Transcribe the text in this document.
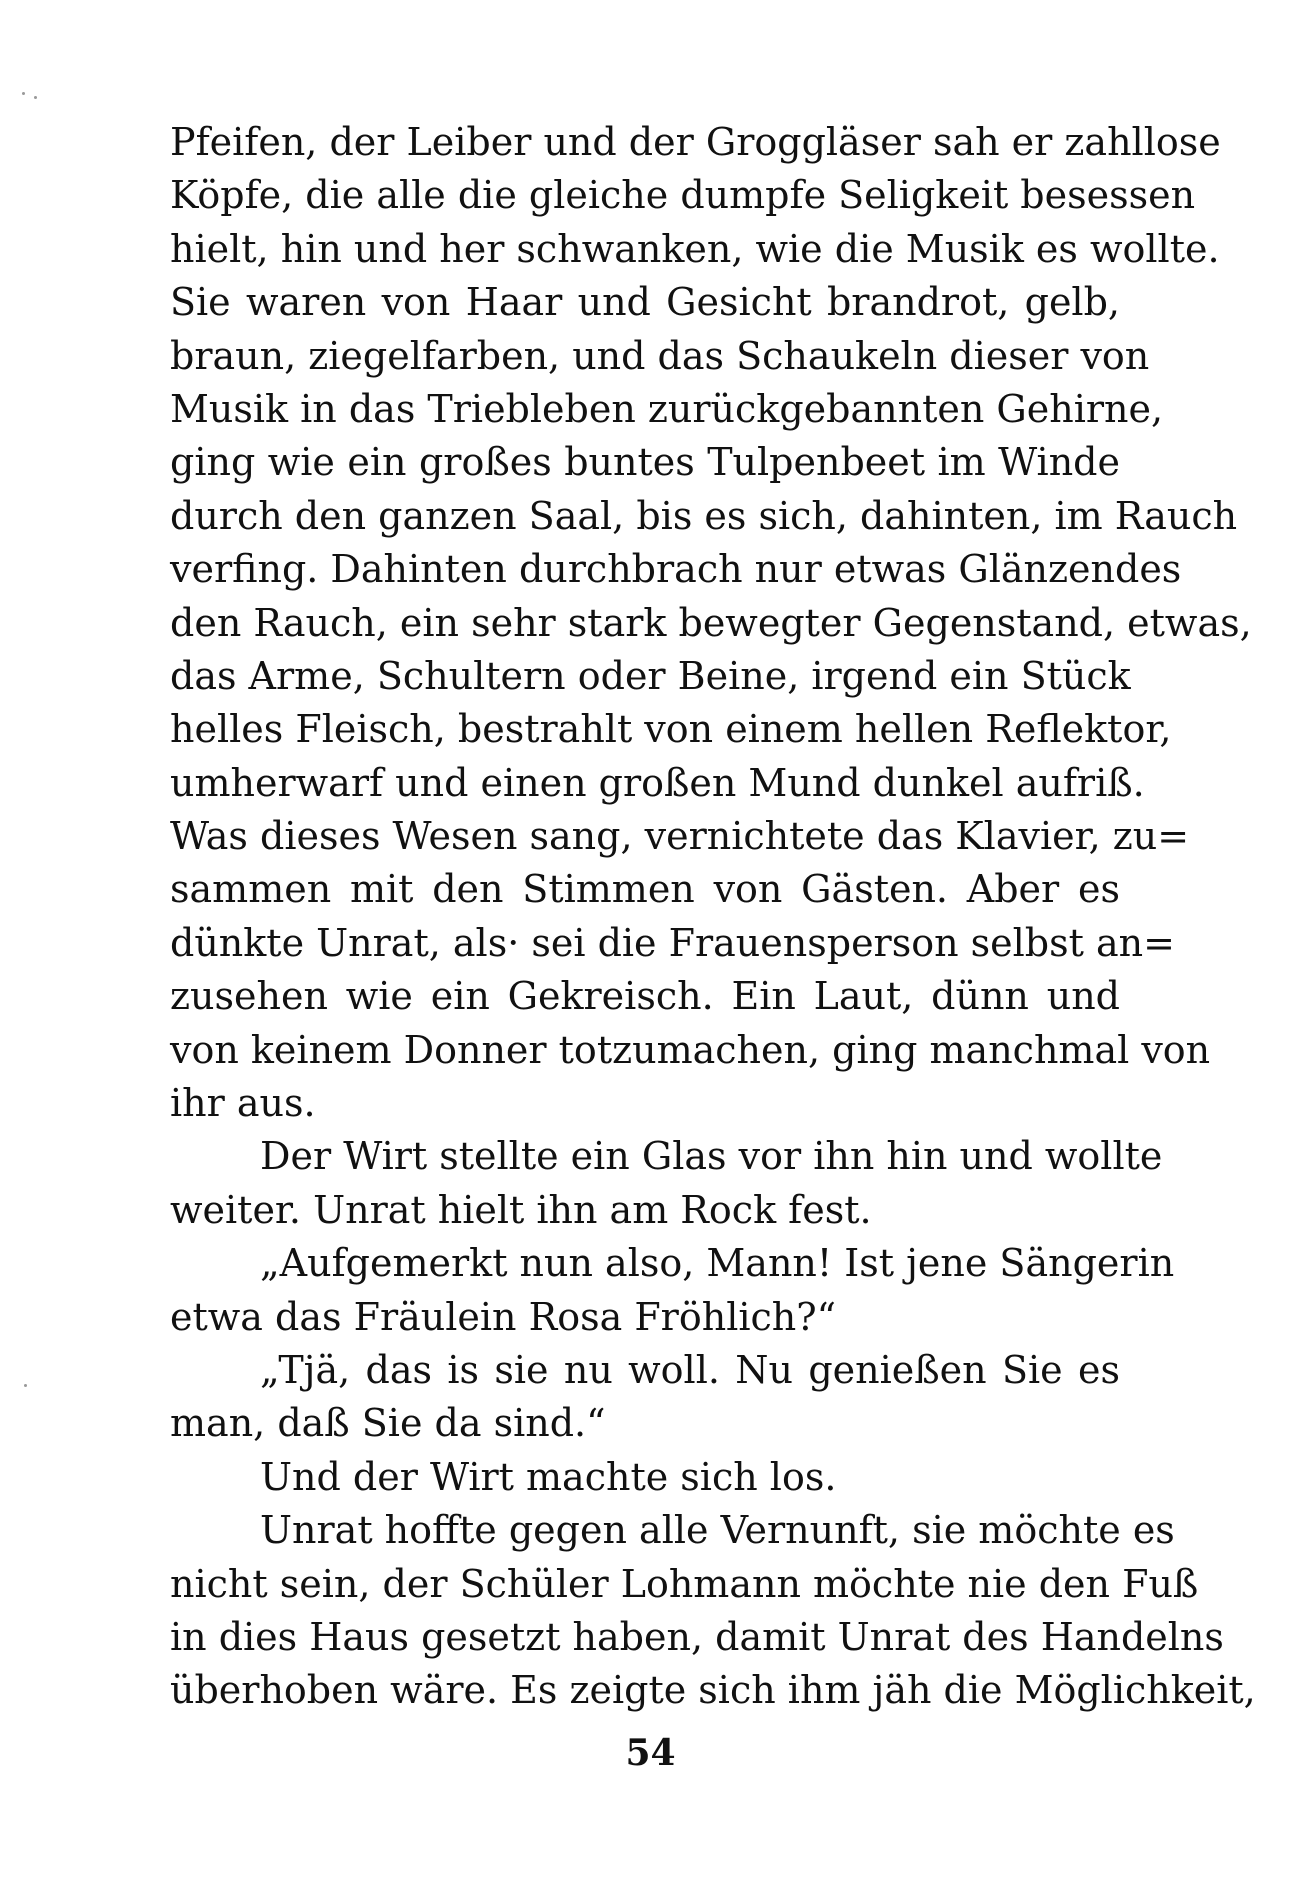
Pfeifen, der Leiber und der Groggläser sah er zahllose
Köpfe, die alle die gleiche dumpfe Seligkeit besessen
hielt, hin und her schwanken, wie die Musik es wollte.
Sie waren von Haar und Gesicht brandrot, gelb,
braun, ziegelfarben, und das Schaukeln dieser von
Musik in das Triebleben zurückgebannten Gehirne,
ging wie ein großes buntes Tulpenbeet im Winde
durch den ganzen Saal, bis es sich, dahinten, im Rauch
verfing. Dahinten durchbrach nur etwas Glänzendes
den Rauch, ein sehr stark bewegter Gegenstand, etwas,
das Arme, Schultern oder Beine, irgend ein Stück
helles Fleisch, bestrahlt von einem hellen Reflektor,
umherwarf und einen großen Mund dunkel aufriß.
Was dieses Wesen sang, vernichtete das Klavier, zu=
sammen mit den Stimmen von Gästen. Aber es
dünkte Unrat, als· sei die Frauensperson selbst an=
zusehen wie ein Gekreisch. Ein Laut, dünn und
von keinem Donner totzumachen, ging manchmal von
ihr aus.
Der Wirt stellte ein Glas vor ihn hin und wollte
weiter. Unrat hielt ihn am Rock fest.
„Aufgemerkt nun also, Mann! Ist jene Sängerin
etwa das Fräulein Rosa Fröhlich?“
„Tjä, das is sie nu woll. Nu genießen Sie es
man, daß Sie da sind.“
Und der Wirt machte sich los.
Unrat hoffte gegen alle Vernunft, sie möchte es
nicht sein, der Schüler Lohmann möchte nie den Fuß
in dies Haus gesetzt haben, damit Unrat des Handelns
überhoben wäre. Es zeigte sich ihm jäh die Möglichkeit,
54
